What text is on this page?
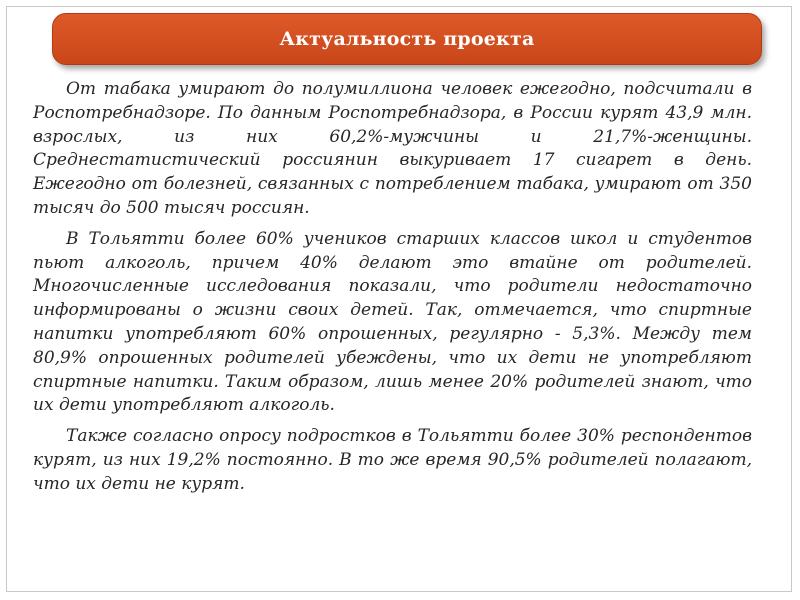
Актуальность проекта

От табака умирают до полумиллиона человек ежегодно, подсчитали в Роспотребнадзоре. По данным Роспотребнадзора, в России курят 43,9 млн. взрослых, из них 60,2%-мужчины и 21,7%-женщины. Среднестатистический россиянин выкуривает 17 сигарет в день. Ежегодно от болезней, связанных с потреблением табака, умирают от 350 тысяч до 500 тысяч россиян.

В Тольятти более 60% учеников старших классов школ и студентов пьют алкоголь, причем 40% делают это втайне от родителей. Многочисленные исследования показали, что родители недостаточно информированы о жизни своих детей. Так, отмечается, что спиртные напитки употребляют 60% опрошенных, регулярно - 5,3%. Между тем 80,9% опрошенных родителей убеждены, что их дети не употребляют спиртные напитки. Таким образом, лишь менее 20% родителей знают, что их дети употребляют алкоголь.

Также согласно опросу подростков в Тольятти более 30% респондентов курят, из них 19,2% постоянно. В то же время 90,5% родителей полагают, что их дети не курят.
